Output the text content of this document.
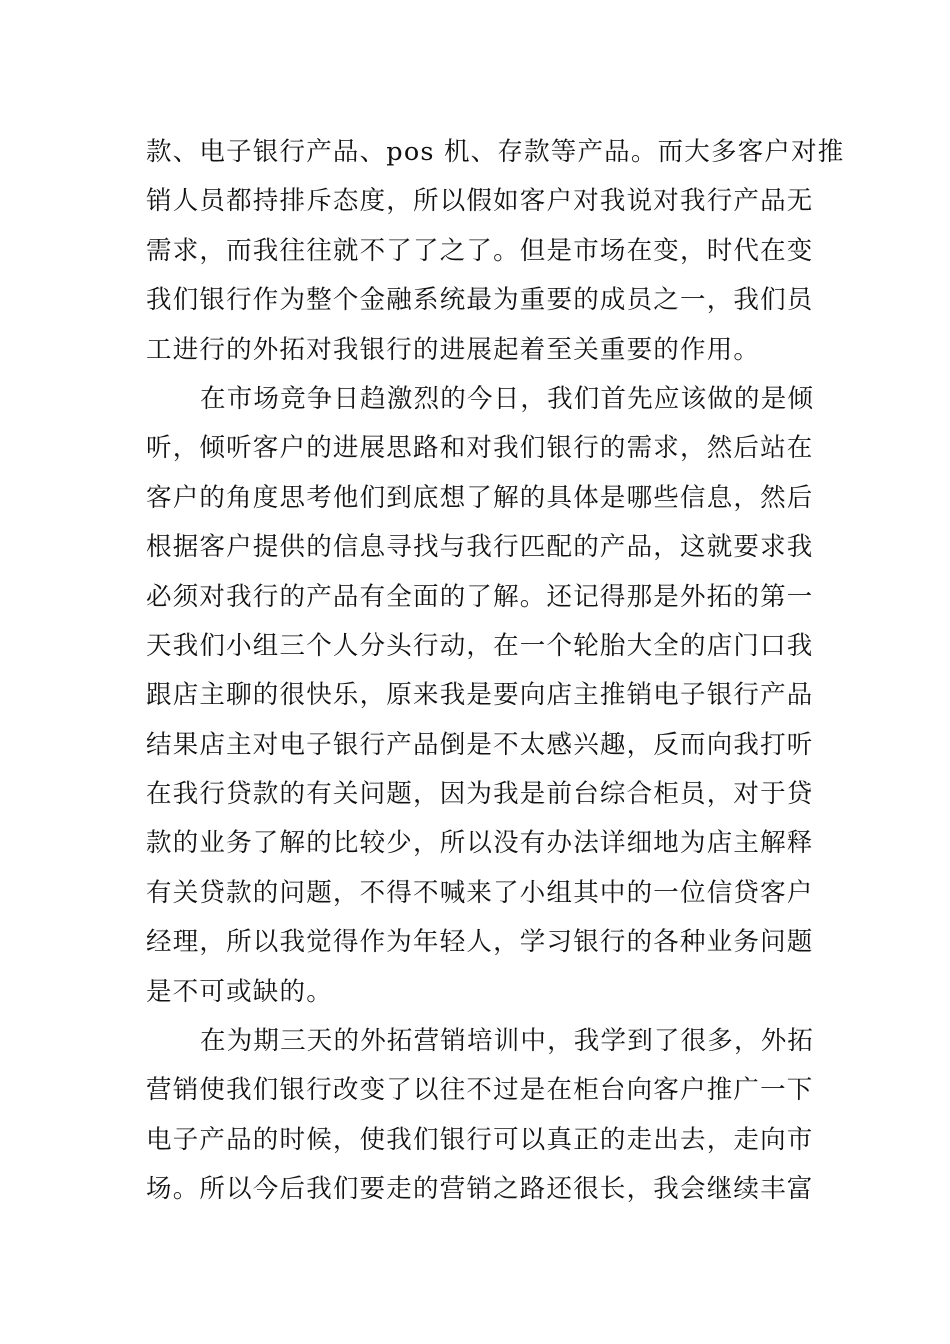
款、电子银行产品、pos 机、存款等产品。而大多客户对推
销人员都持排斥态度，所以假如客户对我说对我行产品无
需求，而我往往就不了了之了。但是市场在变，时代在变
我们银行作为整个金融系统最为重要的成员之一，我们员
工进行的外拓对我银行的进展起着至关重要的作用。
在市场竞争日趋激烈的今日，我们首先应该做的是倾
听，倾听客户的进展思路和对我们银行的需求，然后站在
客户的角度思考他们到底想了解的具体是哪些信息，然后
根据客户提供的信息寻找与我行匹配的产品，这就要求我
必须对我行的产品有全面的了解。还记得那是外拓的第一
天我们小组三个人分头行动，在一个轮胎大全的店门口我
跟店主聊的很快乐，原来我是要向店主推销电子银行产品
结果店主对电子银行产品倒是不太感兴趣，反而向我打听
在我行贷款的有关问题，因为我是前台综合柜员，对于贷
款的业务了解的比较少，所以没有办法详细地为店主解释
有关贷款的问题，不得不喊来了小组其中的一位信贷客户
经理，所以我觉得作为年轻人，学习银行的各种业务问题
是不可或缺的。
在为期三天的外拓营销培训中，我学到了很多，外拓
营销使我们银行改变了以往不过是在柜台向客户推广一下
电子产品的时候，使我们银行可以真正的走出去，走向市
场。所以今后我们要走的营销之路还很长，我会继续丰富
